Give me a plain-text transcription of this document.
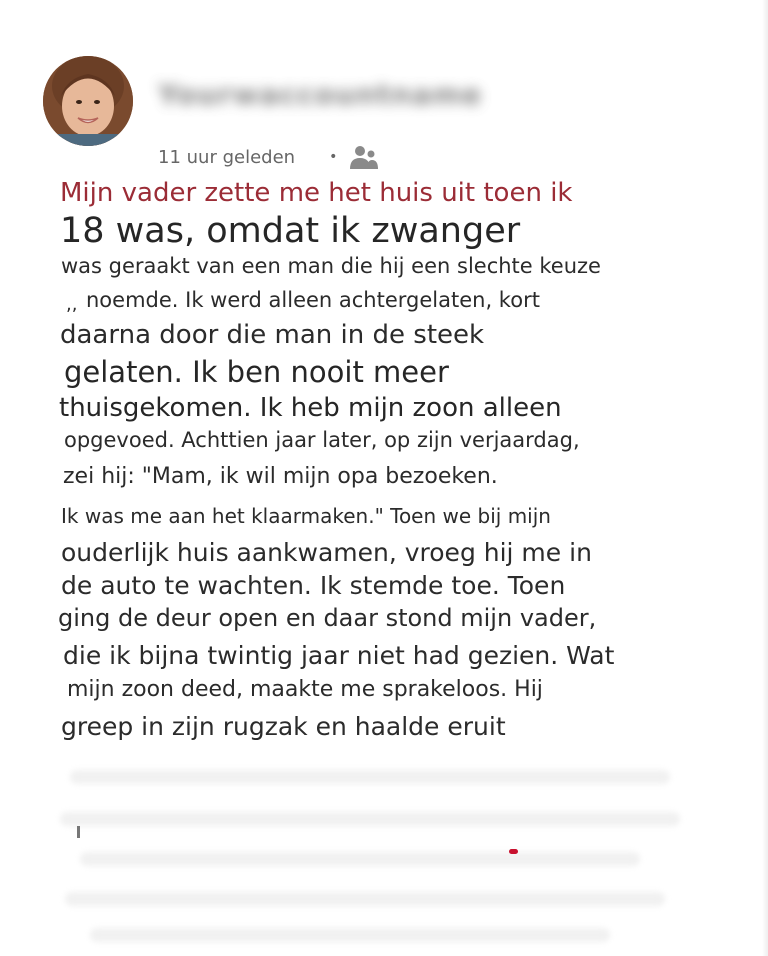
Yourwaccountname
11 uur geleden •
Mijn vader zette me het huis uit toen ik
18 was, omdat ik zwanger
was geraakt van een man die hij een slechte keuze
,, noemde. Ik werd alleen achtergelaten, kort
daarna door die man in de steek
gelaten. Ik ben nooit meer
thuisgekomen. Ik heb mijn zoon alleen
opgevoed. Achttien jaar later, op zijn verjaardag,
zei hij: "Mam, ik wil mijn opa bezoeken.
Ik was me aan het klaarmaken." Toen we bij mijn
ouderlijk huis aankwamen, vroeg hij me in
de auto te wachten. Ik stemde toe. Toen
ging de deur open en daar stond mijn vader,
die ik bijna twintig jaar niet had gezien. Wat
mijn zoon deed, maakte me sprakeloos. Hij
greep in zijn rugzak en haalde eruit
